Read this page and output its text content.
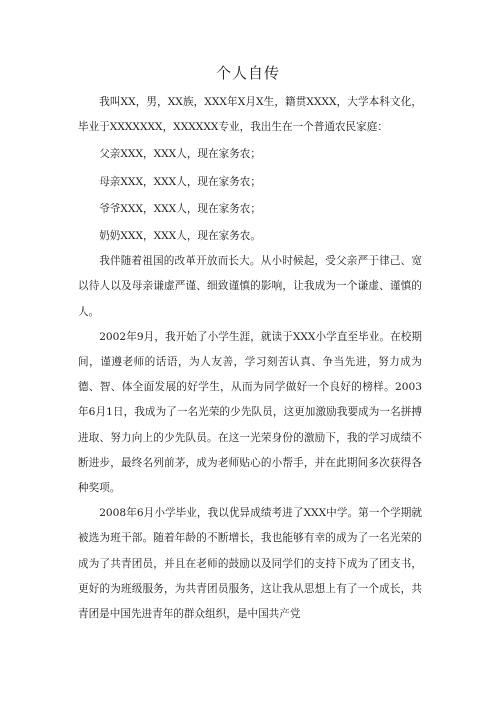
个人自传

我叫XX，男，XX族，XXX年X月X生，籍贯XXXX，大学本科文化，毕业于XXXXXXX，XXXXXX专业，我出生在一个普通农民家庭：

父亲XXX，XXX人，现在家务农；

母亲XXX，XXX人，现在家务农；

爷爷XXX，XXX人，现在家务农；

奶奶XXX，XXX人，现在家务农。

我伴随着祖国的改革开放而长大。从小时候起，受父亲严于律己、宽以待人以及母亲谦虚严谨、细致谨慎的影响，让我成为一个谦虚、谨慎的人。

2002年9月，我开始了小学生涯，就读于XXX小学直至毕业。在校期间，谨遵老师的话语，为人友善，学习刻苦认真、争当先进，努力成为德、智、体全面发展的好学生，从而为同学做好一个良好的榜样。2003年6月1日，我成为了一名光荣的少先队员，这更加激励我要成为一名拼搏进取、努力向上的少先队员。在这一光荣身份的激励下，我的学习成绩不断进步，最终名列前茅，成为老师贴心的小帮手，并在此期间多次获得各种奖项。

2008年6月小学毕业，我以优异成绩考进了XXX中学。第一个学期就被选为班干部。随着年龄的不断增长，我也能够有幸的成为了一名光荣的成为了共青团员，并且在老师的鼓励以及同学们的支持下成为了团支书，更好的为班级服务，为共青团员服务，这让我从思想上有了一个成长，共青团是中国先进青年的群众组织，是中国共产党
